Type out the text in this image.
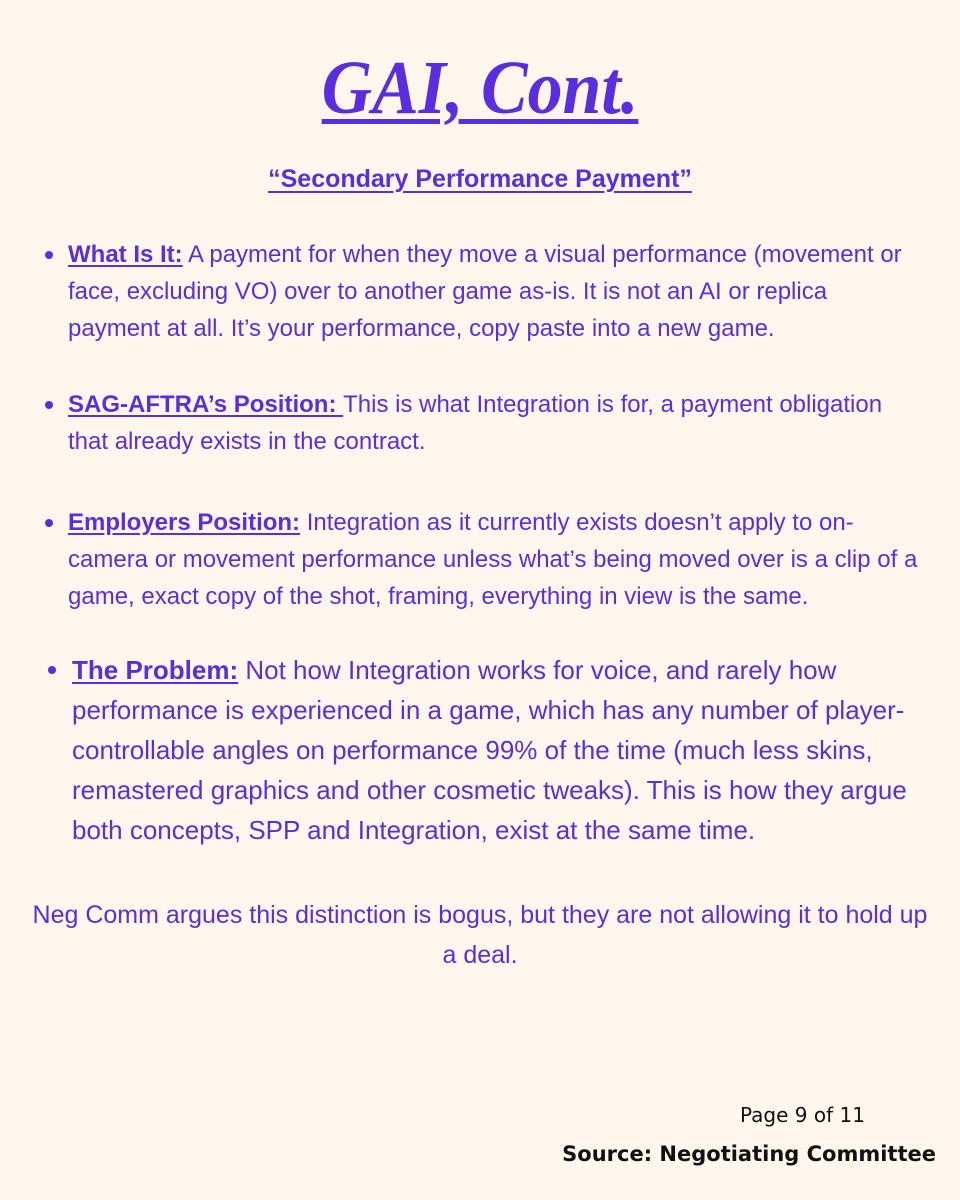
GAI, Cont.
“Secondary Performance Payment”
What Is It: A payment for when they move a visual performance (movement or face, excluding VO) over to another game as-is. It is not an AI or replica payment at all. It’s your performance, copy paste into a new game.
SAG-AFTRA’s Position: This is what Integration is for, a payment obligation that already exists in the contract.
Employers Position: Integration as it currently exists doesn’t apply to on-camera or movement performance unless what’s being moved over is a clip of a game, exact copy of the shot, framing, everything in view is the same.
The Problem: Not how Integration works for voice, and rarely how performance is experienced in a game, which has any number of player-controllable angles on performance 99% of the time (much less skins, remastered graphics and other cosmetic tweaks). This is how they argue both concepts, SPP and Integration, exist at the same time.
Neg Comm argues this distinction is bogus, but they are not allowing it to hold up a deal.
Page 9 of 11
Source: Negotiating Committee
